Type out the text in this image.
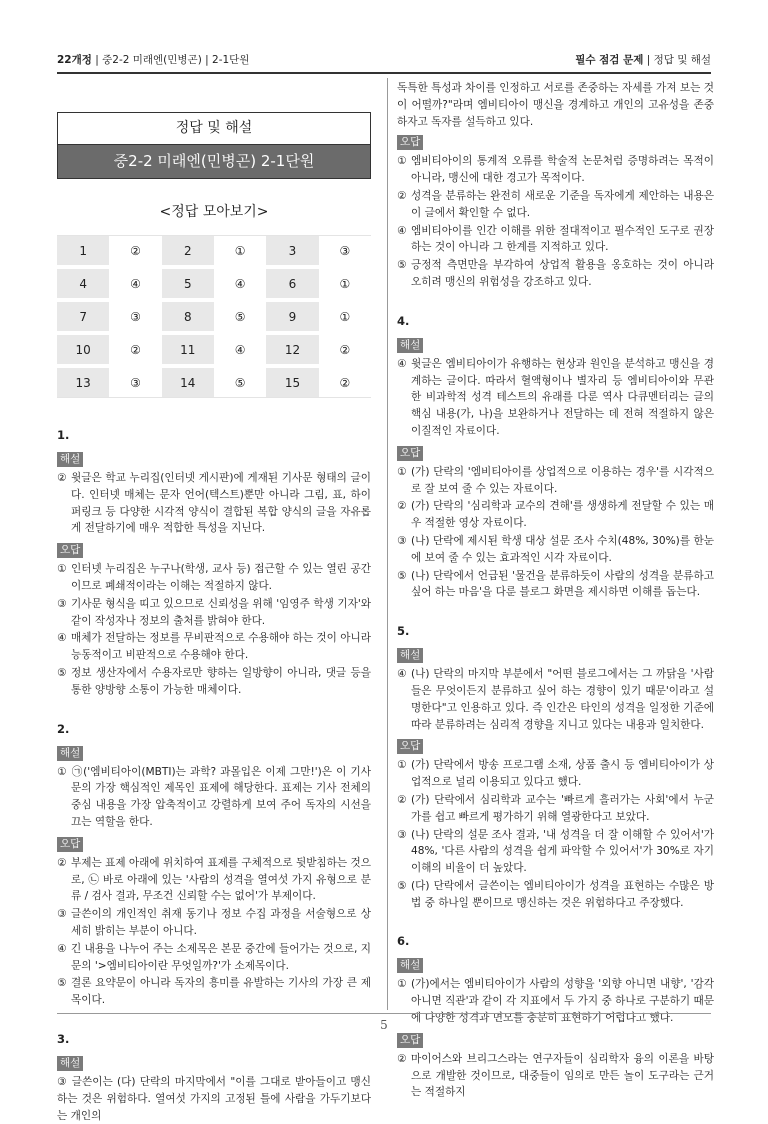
22개정 | 중2-2 미래엔(민병곤) | 2-1단원	필수 점검 문제 | 정답 및 해설
정답 및 해설
중2-2 미래엔(민병곤) 2-1단원
<정답 모아보기>
1	②	2	①	3	③
4	④	5	④	6	①
7	③	8	⑤	9	①
10	②	11	④	12	②
13	③	14	⑤	15	②
1.
해설

② 윗글은 학교 누리집(인터넷 게시판)에 게재된 기사문 형태의 글이다. 인터넷 매체는 문자 언어(텍스트)뿐만 아니라 그림, 표, 하이퍼링크 등 다양한 시각적 양식이 결합된 복합 양식의 글을 자유롭게 전달하기에 매우 적합한 특성을 지닌다.

오답

① 인터넷 누리집은 누구나(학생, 교사 등) 접근할 수 있는 열린 공간이므로 폐쇄적이라는 이해는 적절하지 않다.

③ 기사문 형식을 띠고 있으므로 신뢰성을 위해 '임영주 학생 기자'와 같이 작성자나 정보의 출처를 밝혀야 한다.

④ 매체가 전달하는 정보를 무비판적으로 수용해야 하는 것이 아니라 능동적이고 비판적으로 수용해야 한다.

⑤ 정보 생산자에서 수용자로만 향하는 일방향이 아니라, 댓글 등을 통한 양방향 소통이 가능한 매체이다.

2.
해설

① ㉠('엠비티아이(MBTI)는 과학? 과몰입은 이제 그만!')은 이 기사문의 가장 핵심적인 제목인 표제에 해당한다. 표제는 기사 전체의 중심 내용을 가장 압축적이고 강렬하게 보여 주어 독자의 시선을 끄는 역할을 한다.

오답

② 부제는 표제 아래에 위치하여 표제를 구체적으로 뒷받침하는 것으로, ㉡ 바로 아래에 있는 '사람의 성격을 열여섯 가지 유형으로 분류 / 검사 결과, 무조건 신뢰할 수는 없어'가 부제이다.

③ 글쓴이의 개인적인 취재 동기나 정보 수집 과정을 서술형으로 상세히 밝히는 부분이 아니다.

④ 긴 내용을 나누어 주는 소제목은 본문 중간에 들어가는 것으로, 지문의 '>엠비티아이란 무엇일까?'가 소제목이다.

⑤ 결론 요약문이 아니라 독자의 흥미를 유발하는 기사의 가장 큰 제목이다.

3.
해설

③ 글쓴이는 (다) 단락의 마지막에서 "이를 그대로 받아들이고 맹신하는 것은 위험하다. 열여섯 가지의 고정된 틀에 사람을 가두기보다는 개인의

독특한 특성과 차이를 인정하고 서로를 존중하는 자세를 가져 보는 것이 어떨까?"라며 엠비티아이 맹신을 경계하고 개인의 고유성을 존중하자고 독자를 설득하고 있다.

오답

① 엠비티아이의 통계적 오류를 학술적 논문처럼 증명하려는 목적이 아니라, 맹신에 대한 경고가 목적이다.

② 성격을 분류하는 완전히 새로운 기준을 독자에게 제안하는 내용은 이 글에서 확인할 수 없다.

④ 엠비티아이를 인간 이해를 위한 절대적이고 필수적인 도구로 권장하는 것이 아니라 그 한계를 지적하고 있다.

⑤ 긍정적 측면만을 부각하여 상업적 활용을 옹호하는 것이 아니라 오히려 맹신의 위험성을 강조하고 있다.

4.
해설

④ 윗글은 엠비티아이가 유행하는 현상과 원인을 분석하고 맹신을 경계하는 글이다. 따라서 혈액형이나 별자리 등 엠비티아이와 무관한 비과학적 성격 테스트의 유래를 다룬 역사 다큐멘터리는 글의 핵심 내용(가, 나)을 보완하거나 전달하는 데 전혀 적절하지 않은 이질적인 자료이다.

오답

① (가) 단락의 '엠비티아이를 상업적으로 이용하는 경우'를 시각적으로 잘 보여 줄 수 있는 자료이다.

② (가) 단락의 '심리학과 교수의 견해'를 생생하게 전달할 수 있는 매우 적절한 영상 자료이다.

③ (나) 단락에 제시된 학생 대상 설문 조사 수치(48%, 30%)를 한눈에 보여 줄 수 있는 효과적인 시각 자료이다.

⑤ (나) 단락에서 언급된 '물건을 분류하듯이 사람의 성격을 분류하고 싶어 하는 마음'을 다룬 블로그 화면을 제시하면 이해를 돕는다.

5.
해설

④ (나) 단락의 마지막 부분에서 "어떤 블로그에서는 그 까닭을 '사람들은 무엇이든지 분류하고 싶어 하는 경향이 있기 때문'이라고 설명한다"고 인용하고 있다. 즉 인간은 타인의 성격을 일정한 기준에 따라 분류하려는 심리적 경향을 지니고 있다는 내용과 일치한다.

오답

① (가) 단락에서 방송 프로그램 소재, 상품 출시 등 엠비티아이가 상업적으로 널리 이용되고 있다고 했다.

② (가) 단락에서 심리학과 교수는 '빠르게 흘러가는 사회'에서 누군가를 쉽고 빠르게 평가하기 위해 열광한다고 보았다.

③ (나) 단락의 설문 조사 결과, '내 성격을 더 잘 이해할 수 있어서'가 48%, '다른 사람의 성격을 쉽게 파악할 수 있어서'가 30%로 자기 이해의 비율이 더 높았다.

⑤ (다) 단락에서 글쓴이는 엠비티아이가 성격을 표현하는 수많은 방법 중 하나일 뿐이므로 맹신하는 것은 위험하다고 주장했다.

6.
해설

① (가)에서는 엠비티아이가 사람의 성향을 '외향 아니면 내향', '감각 아니면 직관'과 같이 각 지표에서 두 가지 중 하나로 구분하기 때문에 다양한 성격과 면모를 충분히 표현하기 어렵다고 했다.

오답

② 마이어스와 브리그스라는 연구자들이 심리학자 융의 이론을 바탕으로 개발한 것이므로, 대중들이 임의로 만든 놀이 도구라는 근거는 적절하지

5
